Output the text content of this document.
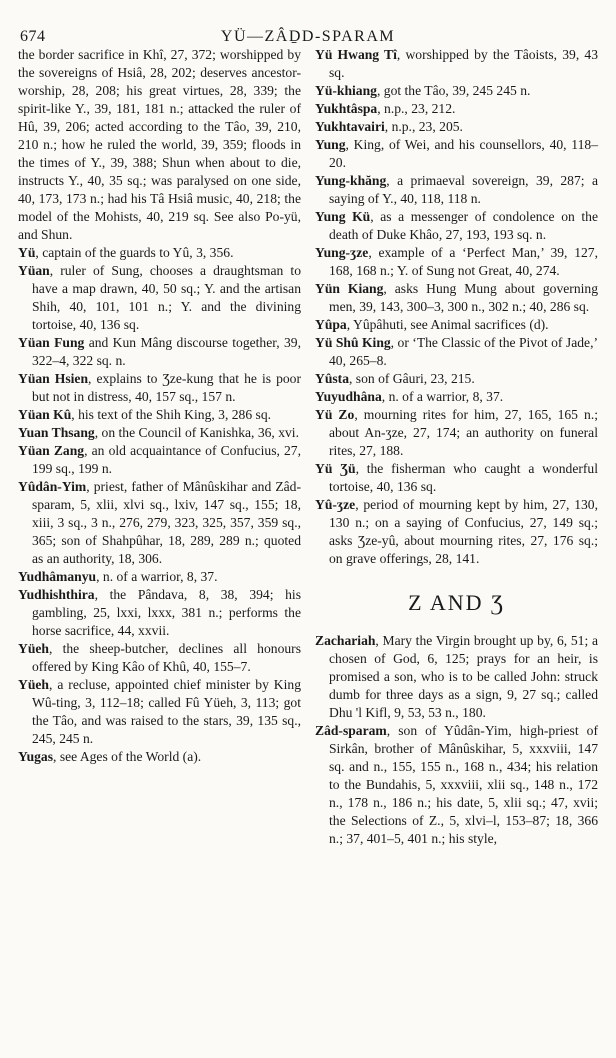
674	YÜ—ZÂḎD-SPARAM

the border sacrifice in Khî, 27, 372; worshipped by the sovereigns of Hsiâ, 28, 202; deserves ancestor-worship, 28, 208; his great virtues, 28, 339; the spirit-like Y., 39, 181, 181 n.; attacked the ruler of Hû, 39, 206; acted according to the Tâo, 39, 210, 210 n.; how he ruled the world, 39, 359; floods in the times of Y., 39, 388; Shun when about to die, instructs Y., 40, 35 sq.; was paralysed on one side, 40, 173, 173 n.; had his Tâ Hsiâ music, 40, 218; the model of the Mohists, 40, 219 sq. See also Po-yü, and Shun.

Yü, captain of the guards to Yû, 3, 356.

Yüan, ruler of Sung, chooses a draughtsman to have a map drawn, 40, 50 sq.; Y. and the artisan Shih, 40, 101, 101 n.; Y. and the divining tortoise, 40, 136 sq.

Yüan Fung and Kun Mâng discourse together, 39, 322–4, 322 sq. n.

Yüan Hsien, explains to Ʒze-kung that he is poor but not in distress, 40, 157 sq., 157 n.

Yüan Kû, his text of the Shih King, 3, 286 sq.

Yuan Thsang, on the Council of Kanishka, 36, xvi.

Yüan Zang, an old acquaintance of Confucius, 27, 199 sq., 199 n.

Yûdân-Yim, priest, father of Mânûskihar and Zâd-sparam, 5, xlii, xlvi sq., lxiv, 147 sq., 155; 18, xiii, 3 sq., 3 n., 276, 279, 323, 325, 357, 359 sq., 365; son of Shahpûhar, 18, 289, 289 n.; quoted as an authority, 18, 306.

Yudhâmanyu, n. of a warrior, 8, 37.

Yudhishthira, the Pândava, 8, 38, 394; his gambling, 25, lxxi, lxxx, 381 n.; performs the horse sacrifice, 44, xxvii.

Yüeh, the sheep-butcher, declines all honours offered by King Kâo of Khû, 40, 155–7.

Yüeh, a recluse, appointed chief minister by King Wû-ting, 3, 112–18; called Fû Yüeh, 3, 113; got the Tâo, and was raised to the stars, 39, 135 sq., 245, 245 n.

Yugas, see Ages of the World (a).

Yü Hwang Tî, worshipped by the Tâoists, 39, 43 sq.

Yü-khiang, got the Tâo, 39, 245 245 n.

Yukhtâspa, n.p., 23, 212.

Yukhtavairi, n.p., 23, 205.

Yung, King, of Wei, and his counsellors, 40, 118–20.

Yung-khăng, a primaeval sovereign, 39, 287; a saying of Y., 40, 118, 118 n.

Yung Kü, as a messenger of condolence on the death of Duke Khâo, 27, 193, 193 sq. n.

Yung-ʒze, example of a ‘Perfect Man,’ 39, 127, 168, 168 n.; Y. of Sung not Great, 40, 274.

Yün Kiang, asks Hung Mung about governing men, 39, 143, 300–3, 300 n., 302 n.; 40, 286 sq.

Yûpa, Yûpâhuti, see Animal sacrifices (d).

Yü Shû King, or ‘The Classic of the Pivot of Jade,’ 40, 265–8.

Yûsta, son of Gâuri, 23, 215.

Yuyudhâna, n. of a warrior, 8, 37.

Yü Zo, mourning rites for him, 27, 165, 165 n.; about An-ʒze, 27, 174; an authority on funeral rites, 27, 188.

Yü Ʒü, the fisherman who caught a wonderful tortoise, 40, 136 sq.

Yû-ʒze, period of mourning kept by him, 27, 130, 130 n.; on a saying of Confucius, 27, 149 sq.; asks Ʒze-yû, about mourning rites, 27, 176 sq.; on grave offerings, 28, 141.

Z AND Ʒ

Zachariah, Mary the Virgin brought up by, 6, 51; a chosen of God, 6, 125; prays for an heir, is promised a son, who is to be called John: struck dumb for three days as a sign, 9, 27 sq.; called Dhu 'l Kifl, 9, 53, 53 n., 180.

Zâd-sparam, son of Yûdân-Yim, high-priest of Sirkân, brother of Mânûskihar, 5, xxxviii, 147 sq. and n., 155, 155 n., 168 n., 434; his relation to the Bundahis, 5, xxxviii, xlii sq., 148 n., 172 n., 178 n., 186 n.; his date, 5, xlii sq.; 47, xvii; the Selections of Z., 5, xlvi–l, 153–87; 18, 366 n.; 37, 401–5, 401 n.; his style,
